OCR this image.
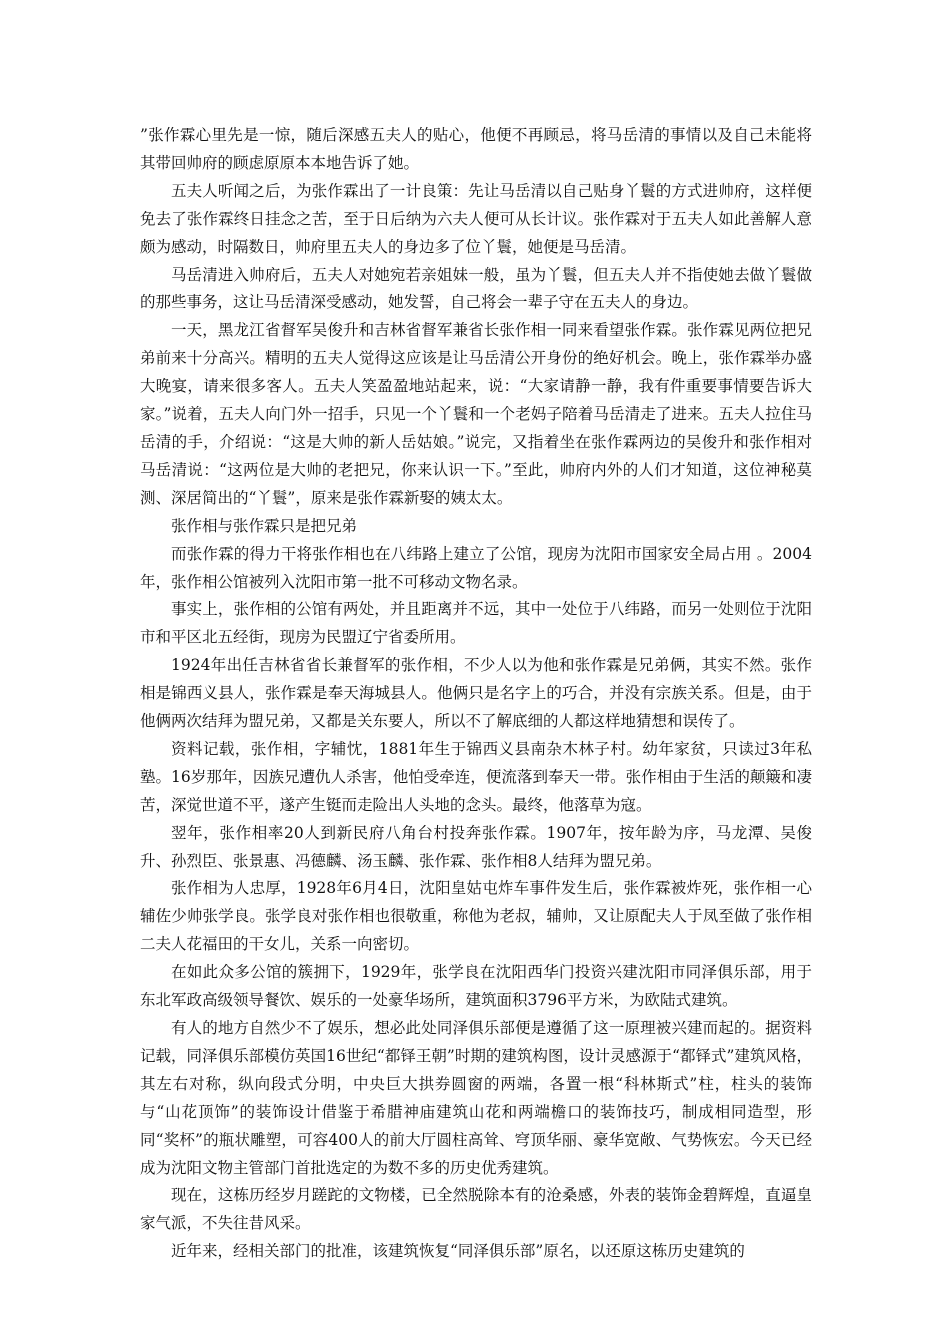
”张作霖心里先是一惊，随后深感五夫人的贴心，他便不再顾忌，将马岳清的事情以及自己未能将其带回帅府的顾虑原原本本地告诉了她。

五夫人听闻之后，为张作霖出了一计良策：先让马岳清以自己贴身丫鬟的方式进帅府，这样便免去了张作霖终日挂念之苦，至于日后纳为六夫人便可从长计议。张作霖对于五夫人如此善解人意颇为感动，时隔数日，帅府里五夫人的身边多了位丫鬟，她便是马岳清。

马岳清进入帅府后，五夫人对她宛若亲姐妹一般，虽为丫鬟，但五夫人并不指使她去做丫鬟做的那些事务，这让马岳清深受感动，她发誓，自己将会一辈子守在五夫人的身边。

一天，黑龙江省督军吴俊升和吉林省督军兼省长张作相一同来看望张作霖。张作霖见两位把兄弟前来十分高兴。精明的五夫人觉得这应该是让马岳清公开身份的绝好机会。晚上，张作霖举办盛大晚宴，请来很多客人。五夫人笑盈盈地站起来，说：“大家请静一静，我有件重要事情要告诉大家。”说着，五夫人向门外一招手，只见一个丫鬟和一个老妈子陪着马岳清走了进来。五夫人拉住马岳清的手，介绍说：“这是大帅的新人岳姑娘。”说完，又指着坐在张作霖两边的吴俊升和张作相对马岳清说：“这两位是大帅的老把兄，你来认识一下。”至此，帅府内外的人们才知道，这位神秘莫测、深居简出的“丫鬟”，原来是张作霖新娶的姨太太。

张作相与张作霖只是把兄弟

而张作霖的得力干将张作相也在八纬路上建立了公馆，现房为沈阳市国家安全局占用 。2004年，张作相公馆被列入沈阳市第一批不可移动文物名录。

事实上，张作相的公馆有两处，并且距离并不远，其中一处位于八纬路，而另一处则位于沈阳市和平区北五经街，现房为民盟辽宁省委所用。

1924年出任吉林省省长兼督军的张作相，不少人以为他和张作霖是兄弟俩，其实不然。张作相是锦西义县人，张作霖是奉天海城县人。他俩只是名字上的巧合，并没有宗族关系。但是，由于他俩两次结拜为盟兄弟，又都是关东要人，所以不了解底细的人都这样地猜想和误传了。

资料记载，张作相，字辅忱，1881年生于锦西义县南杂木林子村。幼年家贫，只读过3年私塾。16岁那年，因族兄遭仇人杀害，他怕受牵连，便流落到奉天一带。张作相由于生活的颠簸和凄苦，深觉世道不平，遂产生铤而走险出人头地的念头。最终，他落草为寇。

翌年，张作相率20人到新民府八角台村投奔张作霖。1907年，按年龄为序，马龙潭、吴俊升、孙烈臣、张景惠、冯德麟、汤玉麟、张作霖、张作相8人结拜为盟兄弟。

张作相为人忠厚，1928年6月4日，沈阳皇姑屯炸车事件发生后，张作霖被炸死，张作相一心辅佐少帅张学良。张学良对张作相也很敬重，称他为老叔，辅帅，又让原配夫人于凤至做了张作相二夫人花福田的干女儿，关系一向密切。

在如此众多公馆的簇拥下，1929年，张学良在沈阳西华门投资兴建沈阳市同泽俱乐部，用于东北军政高级领导餐饮、娱乐的一处豪华场所，建筑面积3796平方米，为欧陆式建筑。

有人的地方自然少不了娱乐，想必此处同泽俱乐部便是遵循了这一原理被兴建而起的。据资料记载，同泽俱乐部模仿英国16世纪“都铎王朝”时期的建筑构图，设计灵感源于“都铎式”建筑风格，其左右对称，纵向段式分明，中央巨大拱券圆窗的两端，各置一根“科林斯式”柱，柱头的装饰与“山花顶饰”的装饰设计借鉴于希腊神庙建筑山花和两端檐口的装饰技巧，制成相同造型，形同“奖杯”的瓶状雕塑，可容400人的前大厅圆柱高耸、穹顶华丽、豪华宽敞、气势恢宏。今天已经成为沈阳文物主管部门首批选定的为数不多的历史优秀建筑。

现在，这栋历经岁月蹉跎的文物楼，已全然脱除本有的沧桑感，外表的装饰金碧辉煌，直逼皇家气派，不失往昔风采。

近年来，经相关部门的批准，该建筑恢复“同泽俱乐部”原名，以还原这栋历史建筑的
